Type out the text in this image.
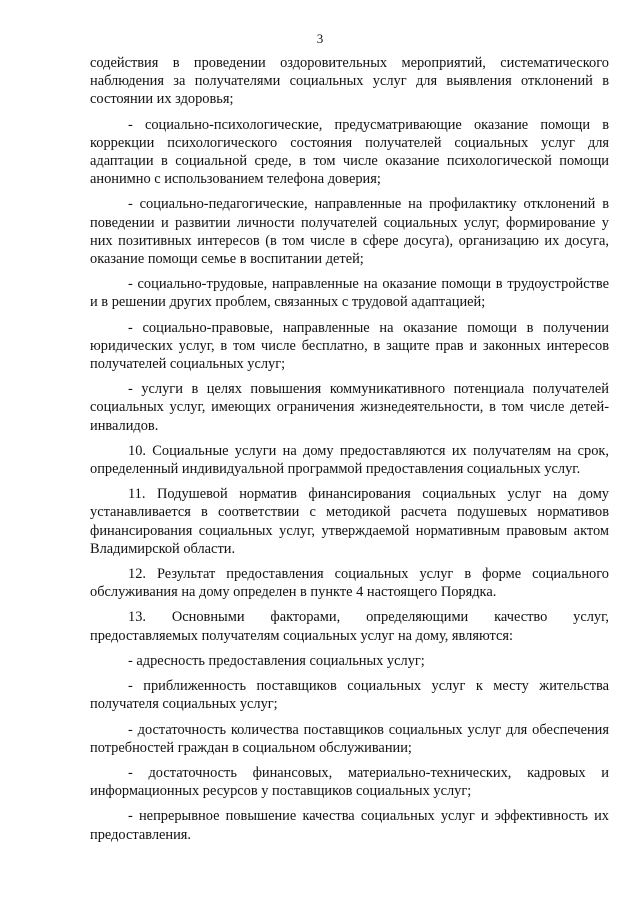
3

содействия в проведении оздоровительных мероприятий, систематического наблюдения за получателями социальных услуг для выявления отклонений в состоянии их здоровья;

- социально-психологические, предусматривающие оказание помощи в коррекции психологического состояния получателей социальных услуг для адаптации в социальной среде, в том числе оказание психологической помощи анонимно с использованием телефона доверия;

- социально-педагогические, направленные на профилактику отклонений в поведении и развитии личности получателей социальных услуг, формирование у них позитивных интересов (в том числе в сфере досуга), организацию их досуга, оказание помощи семье в воспитании детей;

- социально-трудовые, направленные на оказание помощи в трудоустройстве и в решении других проблем, связанных с трудовой адаптацией;

- социально-правовые, направленные на оказание помощи в получении юридических услуг, в том числе бесплатно, в защите прав и законных интересов получателей социальных услуг;

- услуги в целях повышения коммуникативного потенциала получателей социальных услуг, имеющих ограничения жизнедеятельности, в том числе детей-инвалидов.

10. Социальные услуги на дому предоставляются их получателям на срок, определенный индивидуальной программой предоставления социальных услуг.

11. Подушевой норматив финансирования социальных услуг на дому устанавливается в соответствии с методикой расчета подушевых нормативов финансирования социальных услуг, утверждаемой нормативным правовым актом Владимирской области.

12. Результат предоставления социальных услуг в форме социального обслуживания на дому определен в пункте 4 настоящего Порядка.

13. Основными факторами, определяющими качество услуг, предоставляемых получателям социальных услуг на дому, являются:

- адресность предоставления социальных услуг;

- приближенность поставщиков социальных услуг к месту жительства получателя социальных услуг;

- достаточность количества поставщиков социальных услуг для обеспечения потребностей граждан в социальном обслуживании;

- достаточность финансовых, материально-технических, кадровых и информационных ресурсов у поставщиков социальных услуг;

- непрерывное повышение качества социальных услуг и эффективность их предоставления.
